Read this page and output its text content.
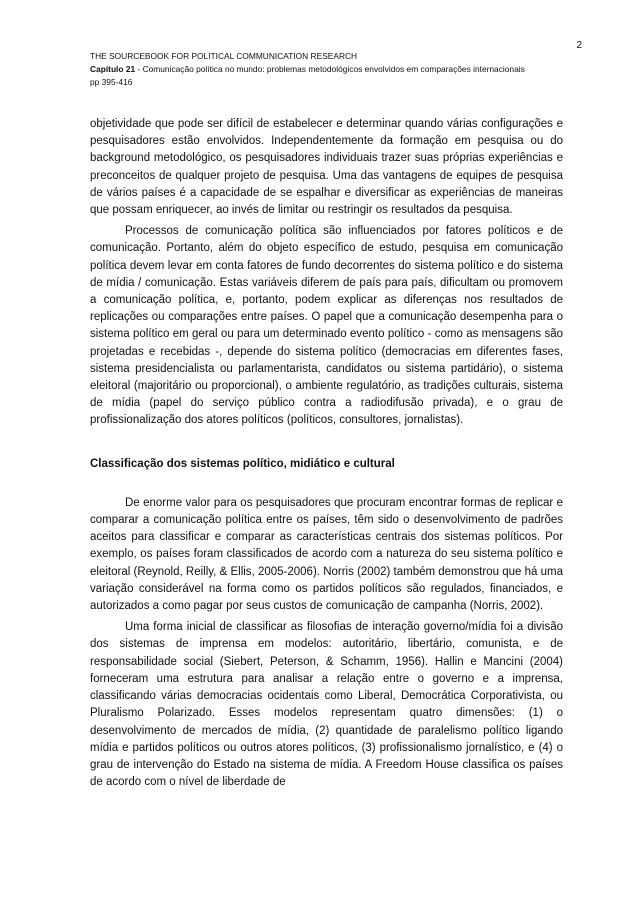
2
THE SOURCEBOOK FOR POLITICAL COMMUNICATION RESEARCH
Capítulo 21 - Comunicação política no mundo: problemas metodológicos envolvidos em comparações internacionais
pp 395-416

objetividade que pode ser difícil de estabelecer e determinar quando várias configurações e pesquisadores estão envolvidos. Independentemente da formação em pesquisa ou do background metodológico, os pesquisadores individuais trazer suas próprias experiências e preconceitos de qualquer projeto de pesquisa. Uma das vantagens de equipes de pesquisa de vários países é a capacidade de se espalhar e diversificar as experiências de maneiras que possam enriquecer, ao invés de limitar ou restringir os resultados da pesquisa.

Processos de comunicação política são influenciados por fatores políticos e de comunicação. Portanto, além do objeto específico de estudo, pesquisa em comunicação política devem levar em conta fatores de fundo decorrentes do sistema político e do sistema de mídia / comunicação. Estas variáveis diferem de país para país, dificultam ou promovem a comunicação política, e, portanto, podem explicar as diferenças nos resultados de replicações ou comparações entre países. O papel que a comunicação desempenha para o sistema político em geral ou para um determinado evento político - como as mensagens são projetadas e recebidas -, depende do sistema político (democracias em diferentes fases, sistema presidencialista ou parlamentarista, candidatos ou sistema partidário), o sistema eleitoral (majoritário ou proporcional), o ambiente regulatório, as tradições culturais, sistema de mídia (papel do serviço público contra a radiodifusão privada), e o grau de profissionalização dos atores políticos (políticos, consultores, jornalistas).

Classificação dos sistemas político, midiático e cultural

De enorme valor para os pesquisadores que procuram encontrar formas de replicar e comparar a comunicação política entre os países, têm sido o desenvolvimento de padrões aceitos para classificar e comparar as características centrais dos sistemas políticos. Por exemplo, os países foram classificados de acordo com a natureza do seu sistema político e eleitoral (Reynold, Reilly, & Ellis, 2005-2006). Norris (2002) também demonstrou que há uma variação considerável na forma como os partidos políticos são regulados, financiados, e autorizados a como pagar por seus custos de comunicação de campanha (Norris, 2002).

Uma forma inicial de classificar as filosofias de interação governo/mídia foi a divisão dos sistemas de imprensa em modelos: autoritário, libertário, comunista, e de responsabilidade social (Siebert, Peterson, & Schamm, 1956). Hallin e Mancini (2004) forneceram uma estrutura para analisar a relação entre o governo e a imprensa, classificando várias democracias ocidentais como Liberal, Democrática Corporativista, ou Pluralismo Polarizado. Esses modelos representam quatro dimensões: (1) o desenvolvimento de mercados de mídia, (2) quantidade de paralelismo político ligando mídia e partidos políticos ou outros atores políticos, (3) profissionalismo jornalístico, e (4) o grau de intervenção do Estado na sistema de mídia. A Freedom House classifica os países de acordo com o nível de liberdade de
